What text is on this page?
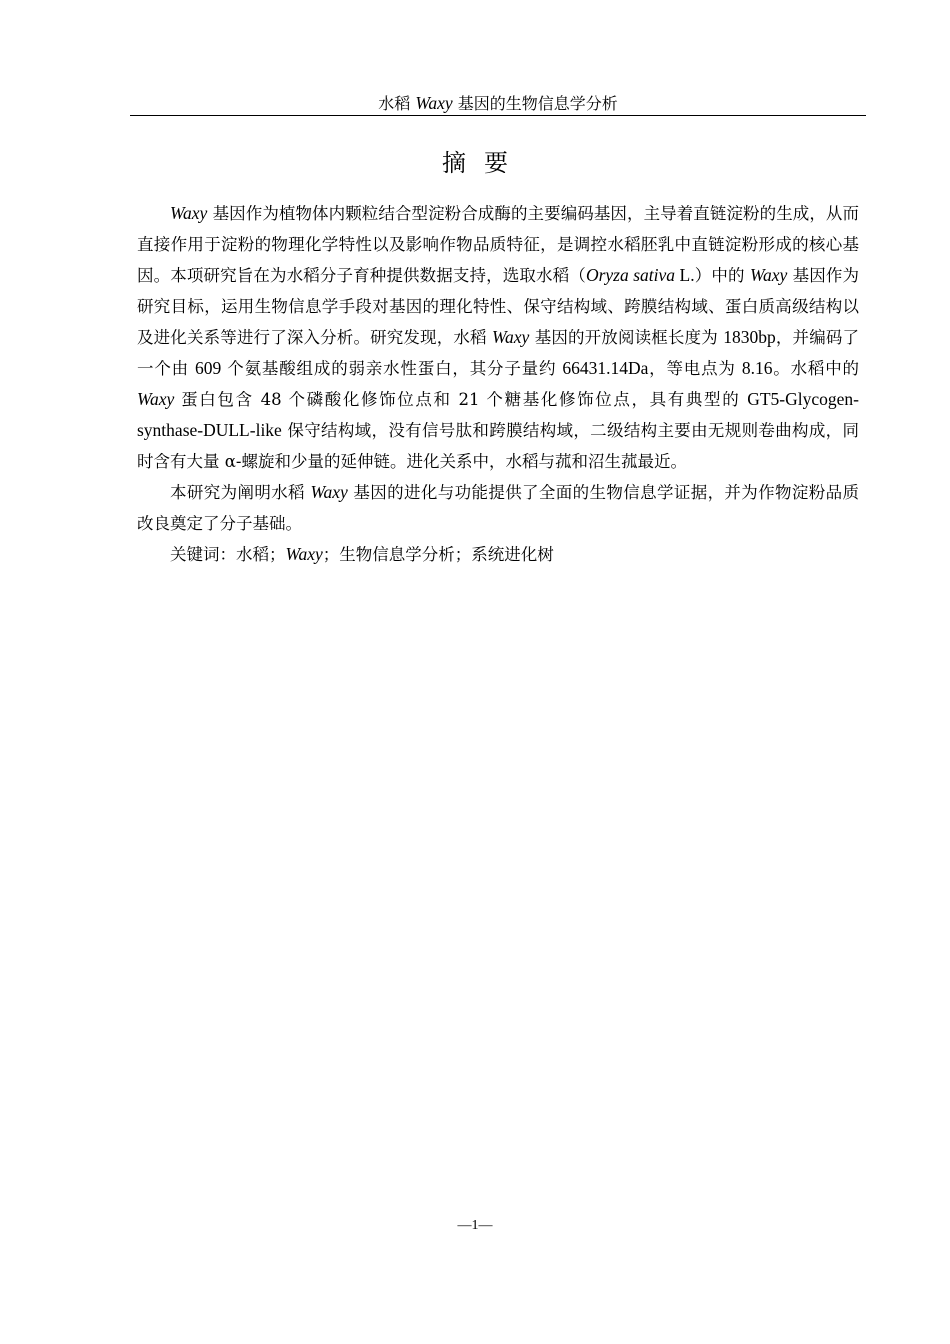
水稻 Waxy 基因的生物信息学分析
摘要

Waxy 基因作为植物体内颗粒结合型淀粉合成酶的主要编码基因，主导着直链淀粉的生成，从而直接作用于淀粉的物理化学特性以及影响作物品质特征，是调控水稻胚乳中直链淀粉形成的核心基因。本项研究旨在为水稻分子育种提供数据支持，选取水稻（Oryza sativa L.）中的 Waxy 基因作为研究目标，运用生物信息学手段对基因的理化特性、保守结构域、跨膜结构域、蛋白质高级结构以及进化关系等进行了深入分析。研究发现，水稻 Waxy 基因的开放阅读框长度为 1830bp，并编码了一个由 609 个氨基酸组成的弱亲水性蛋白，其分子量约 66431.14Da，等电点为 8.16。水稻中的 Waxy 蛋白包含 48 个磷酸化修饰位点和 21 个糖基化修饰位点，具有典型的 GT5-Glycogen-synthase-DULL-like 保守结构域，没有信号肽和跨膜结构域，二级结构主要由无规则卷曲构成，同时含有大量 α-螺旋和少量的延伸链。进化关系中，水稻与菰和沼生菰最近。

本研究为阐明水稻 Waxy 基因的进化与功能提供了全面的生物信息学证据，并为作物淀粉品质改良奠定了分子基础。

关键词：水稻；Waxy；生物信息学分析；系统进化树

—1—
